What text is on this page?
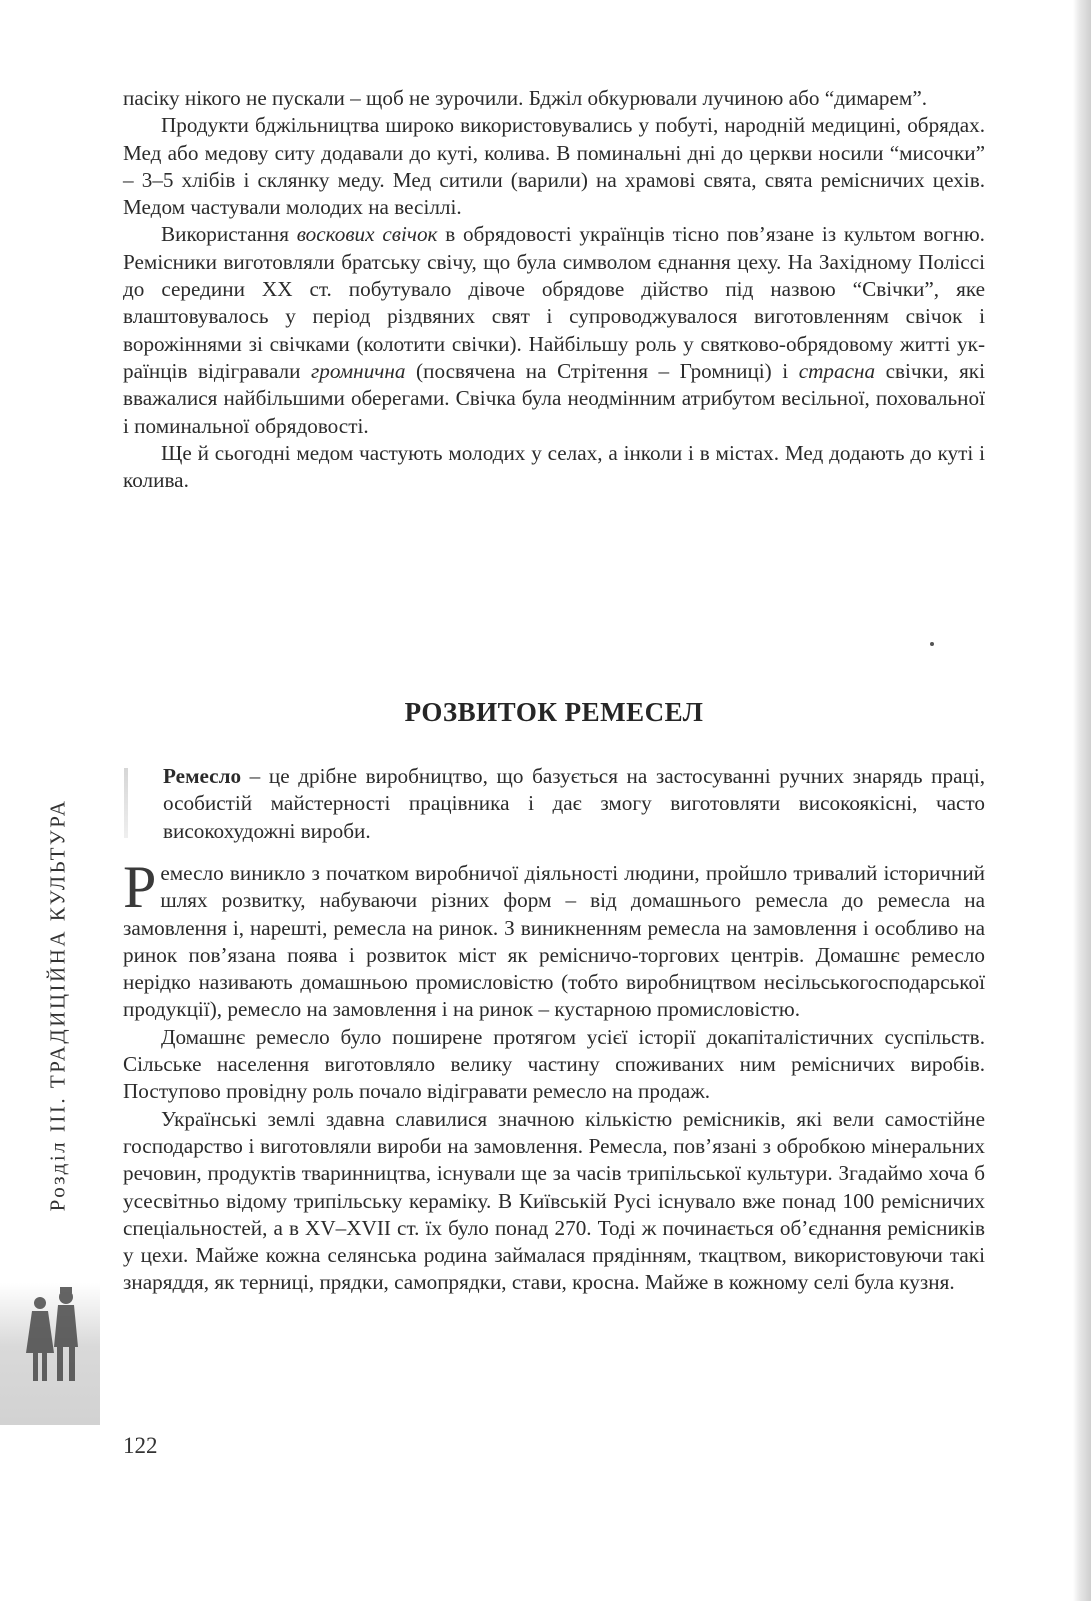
пасіку нікого не пускали – щоб не зурочили. Бджіл обкурювали лучиною або “димарем”.

Продукти бджільництва широко використовувались у побуті, народній медицині, обрядах. Мед або медову ситу додавали до куті, колива. В поминальні дні до церкви носили “мисочки” – 3–5 хлібів і склянку меду. Мед ситили (варили) на храмові свята, свята ремісничих цехів. Медом частували молодих на весіллі.

Використання воскових свічок в обрядовості українців тісно пов’язане із культом вогню. Ремісники виготовляли братську свічу, що була символом єднання цеху. На Західному Поліссі до середини XX ст. побутувало дівоче обрядове дійство під назвою “Свічки”, яке влаштовувалось у період різдвяних свят і супроводжувалося виготовленням свічок і ворожіннями зі свічками (колотити свічки). Найбільшу роль у святково-обрядовому житті українців відігравали громнична (посвячена на Стрітення – Громниці) і страсна свічки, які вважалися найбільшими оберегами. Свічка була неодмінним атрибутом весільної, поховальної і поминальної обрядовості.

Ще й сьогодні медом частують молодих у селах, а інколи і в містах. Мед додають до куті і колива.

РОЗВИТОК РЕМЕСЕЛ

Ремесло – це дрібне виробництво, що базується на застосуванні ручних знарядь праці, особистій майстерності працівника і дає змогу виготовляти високоякісні, часто високохудожні вироби.

Ремесло виникло з початком виробничої діяльності людини, пройшло тривалий історичний шлях розвитку, набуваючи різних форм – від домашнього ремесла до ремесла на замовлення і, нарешті, ремесла на ринок. З виникненням ремесла на замовлення і особливо на ринок пов’язана поява і розвиток міст як ремісничо-торгових центрів. Домашнє ремесло нерідко називають домашньою промисловістю (тобто виробництвом несільськогосподарської продукції), ремесло на замовлення і на ринок – кустарною промисловістю.

Домашнє ремесло було поширене протягом усієї історії докапіталістичних суспільств. Сільське населення виготовляло велику частину споживаних ним ремісничих виробів. Поступово провідну роль почало відігравати ремесло на продаж.

Українські землі здавна славилися значною кількістю ремісників, які вели самостійне господарство і виготовляли вироби на замовлення. Ремесла, пов’язані з обробкою мінеральних речовин, продуктів тваринництва, існували ще за часів трипільської культури. Згадаймо хоча б усесвітньо відому трипільську кераміку. В Київській Русі існувало вже понад 100 ремісничих спеціальностей, а в XV–XVII ст. їх було понад 270. Тоді ж починається об’єднання ремісників у цехи. Майже кожна селянська родина займалася прядінням, ткацтвом, використовуючи такі знаряддя, як терниці, прядки, самопрядки, стави, кросна. Майже в кожному селі була кузня.

Розділ III. ТРАДИЦІЙНА КУЛЬТУРА

122
